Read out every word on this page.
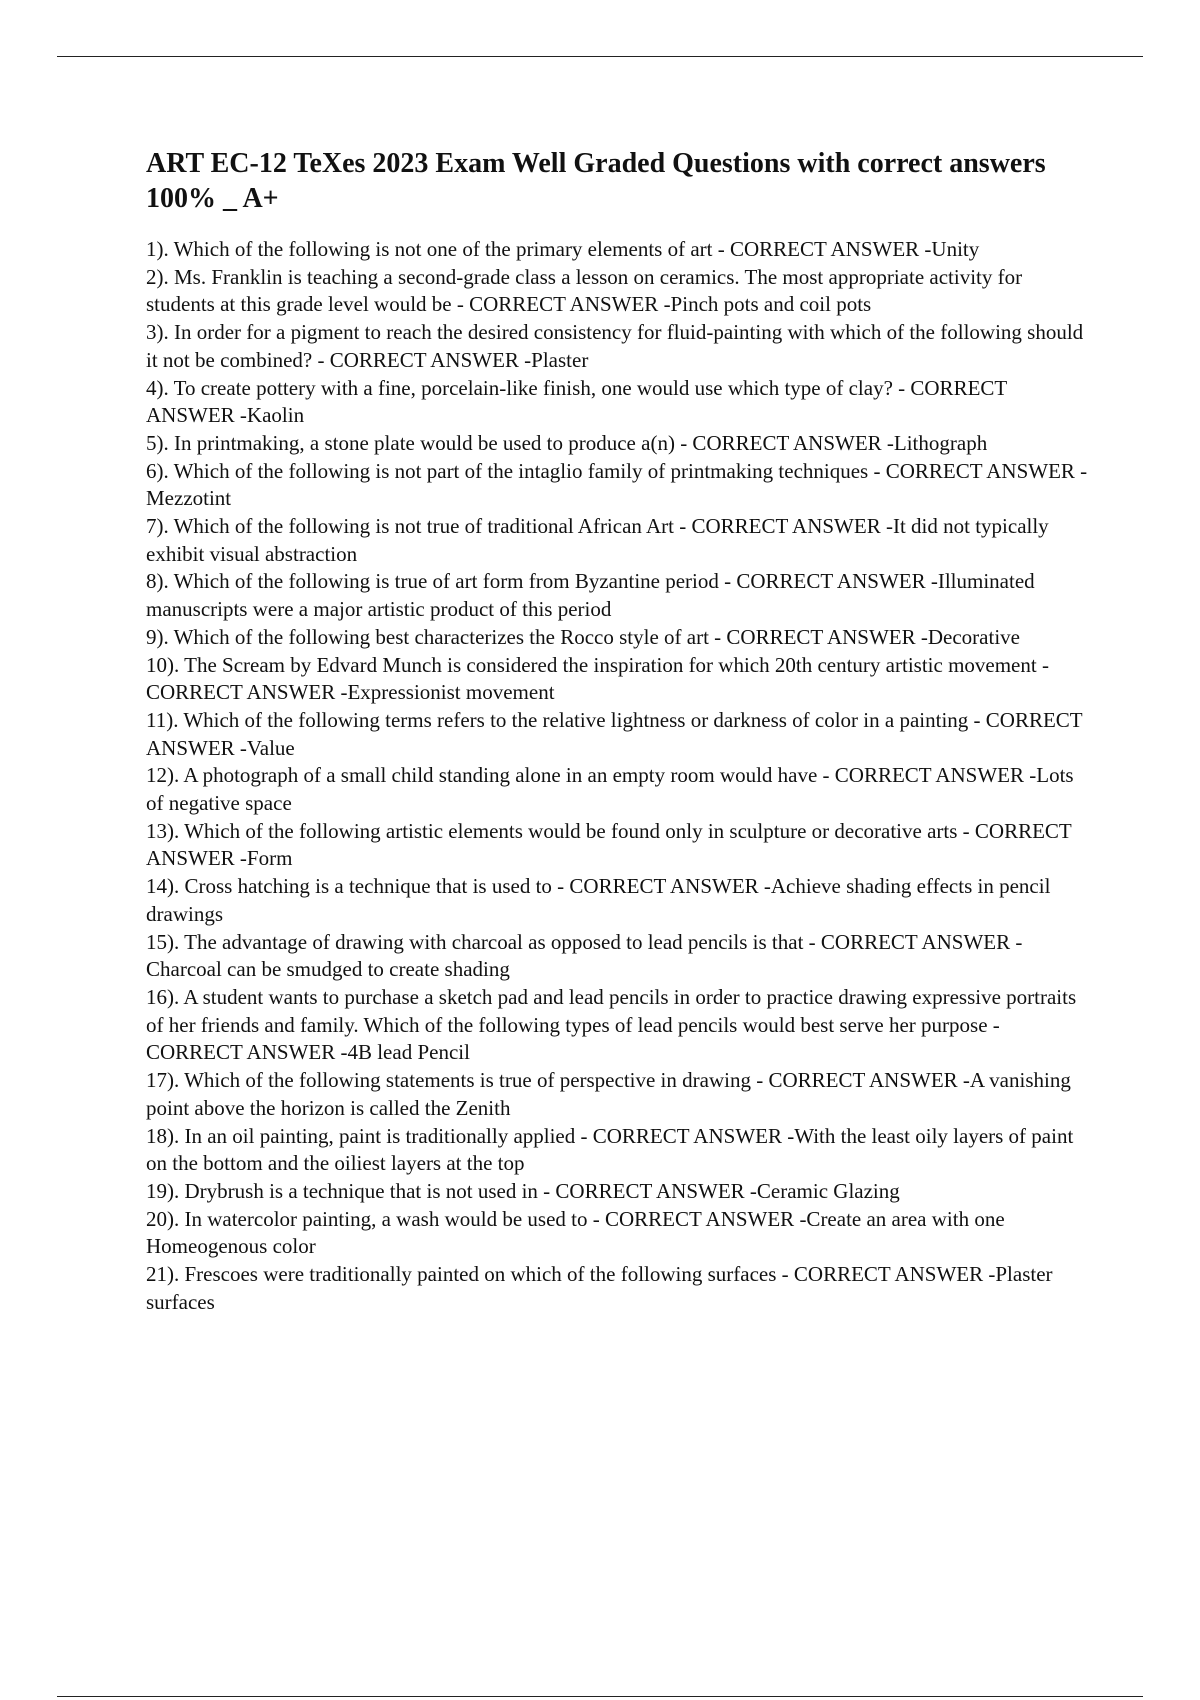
ART EC-12 TeXes 2023 Exam Well Graded Questions with correct answers 100% _ A+
1). Which of the following is not one of the primary elements of art - CORRECT ANSWER -Unity
2). Ms. Franklin is teaching a second-grade class a lesson on ceramics. The most appropriate activity for students at this grade level would be - CORRECT ANSWER -Pinch pots and coil pots
3). In order for a pigment to reach the desired consistency for fluid-painting with which of the following should it not be combined? - CORRECT ANSWER -Plaster
4). To create pottery with a fine, porcelain-like finish, one would use which type of clay? - CORRECT ANSWER -Kaolin
5). In printmaking, a stone plate would be used to produce a(n) - CORRECT ANSWER -Lithograph
6). Which of the following is not part of the intaglio family of printmaking techniques - CORRECT ANSWER -Mezzotint
7). Which of the following is not true of traditional African Art - CORRECT ANSWER -It did not typically exhibit visual abstraction
8). Which of the following is true of art form from Byzantine period - CORRECT ANSWER -Illuminated manuscripts were a major artistic product of this period
9). Which of the following best characterizes the Rocco style of art - CORRECT ANSWER -Decorative
10). The Scream by Edvard Munch is considered the inspiration for which 20th century artistic movement - CORRECT ANSWER -Expressionist movement
11). Which of the following terms refers to the relative lightness or darkness of color in a painting - CORRECT ANSWER -Value
12). A photograph of a small child standing alone in an empty room would have - CORRECT ANSWER -Lots of negative space
13). Which of the following artistic elements would be found only in sculpture or decorative arts - CORRECT ANSWER -Form
14). Cross hatching is a technique that is used to - CORRECT ANSWER -Achieve shading effects in pencil drawings
15). The advantage of drawing with charcoal as opposed to lead pencils is that - CORRECT ANSWER -Charcoal can be smudged to create shading
16). A student wants to purchase a sketch pad and lead pencils in order to practice drawing expressive portraits of her friends and family. Which of the following types of lead pencils would best serve her purpose - CORRECT ANSWER -4B lead Pencil
17). Which of the following statements is true of perspective in drawing - CORRECT ANSWER -A vanishing point above the horizon is called the Zenith
18). In an oil painting, paint is traditionally applied - CORRECT ANSWER -With the least oily layers of paint on the bottom and the oiliest layers at the top
19). Drybrush is a technique that is not used in - CORRECT ANSWER -Ceramic Glazing
20). In watercolor painting, a wash would be used to - CORRECT ANSWER -Create an area with one Homeogenous color
21). Frescoes were traditionally painted on which of the following surfaces - CORRECT ANSWER -Plaster surfaces
